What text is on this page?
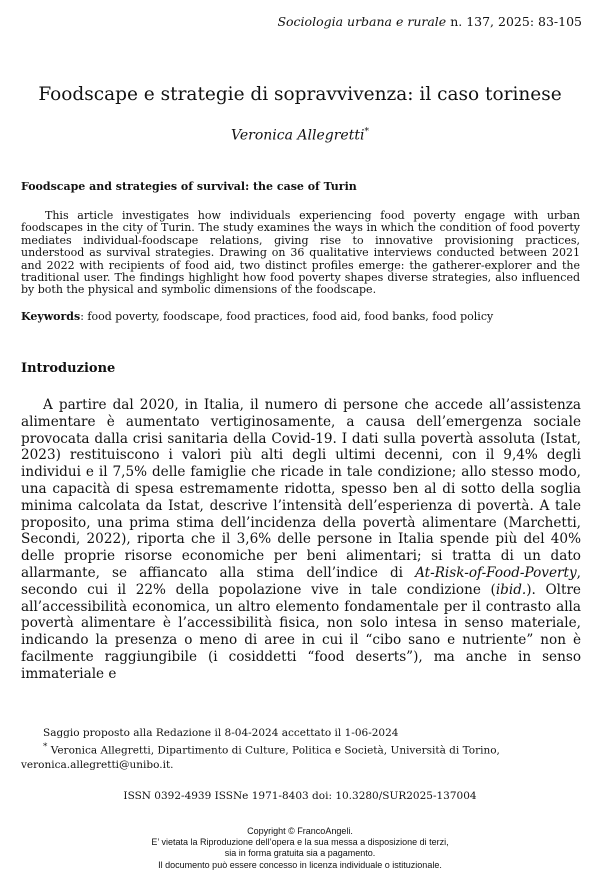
Sociologia urbana e rurale n. 137, 2025: 83-105
Foodscape e strategie di sopravvivenza: il caso torinese
Veronica Allegretti*
Foodscape and strategies of survival: the case of Turin

This article investigates how individuals experiencing food poverty engage with urban foodscapes in the city of Turin. The study examines the ways in which the condition of food poverty mediates individual-foodscape relations, giving rise to innovative provisioning practices, understood as survival strategies. Drawing on 36 qualitative interviews conducted between 2021 and 2022 with recipients of food aid, two distinct profiles emerge: the gatherer-explorer and the traditional user. The findings highlight how food poverty shapes diverse strategies, also influenced by both the physical and symbolic dimensions of the foodscape.

Keywords: food poverty, foodscape, food practices, food aid, food banks, food policy
Introduzione

A partire dal 2020, in Italia, il numero di persone che accede all’assistenza alimentare è aumentato vertiginosamente, a causa dell’emergenza sociale provocata dalla crisi sanitaria della Covid-19. I dati sulla povertà assoluta (Istat, 2023) restituiscono i valori più alti degli ultimi decenni, con il 9,4% degli individui e il 7,5% delle famiglie che ricade in tale condizione; allo stesso modo, una capacità di spesa estremamente ridotta, spesso ben al di sotto della soglia minima calcolata da Istat, descrive l’intensità dell’esperienza di povertà. A tale proposito, una prima stima dell’incidenza della povertà alimentare (Marchetti, Secondi, 2022), riporta che il 3,6% delle persone in Italia spende più del 40% delle proprie risorse economiche per beni alimentari; si tratta di un dato allarmante, se affiancato alla stima dell’indice di At-Risk-of-Food-Poverty, secondo cui il 22% della popolazione vive in tale condizione (ibid.). Oltre all’accessibilità economica, un altro elemento fondamentale per il contrasto alla povertà alimentare è l’accessibilità fisica, non solo intesa in senso materiale, indicando la presenza o meno di aree in cui il “cibo sano e nutriente” non è facilmente raggiungibile (i cosiddetti “food deserts”), ma anche in senso immateriale e

Saggio proposto alla Redazione il 8-04-2024 accettato il 1-06-2024
* Veronica Allegretti, Dipartimento di Culture, Politica e Società, Università di Torino,
veronica.allegretti@unibo.it.
ISSN 0392-4939 ISSNe 1971-8403 doi: 10.3280/SUR2025-137004
Copyright © FrancoAngeli.
E’ vietata la Riproduzione dell’opera e la sua messa a disposizione di terzi,
sia in forma gratuita sia a pagamento.
Il documento può essere concesso in licenza individuale o istituzionale.
